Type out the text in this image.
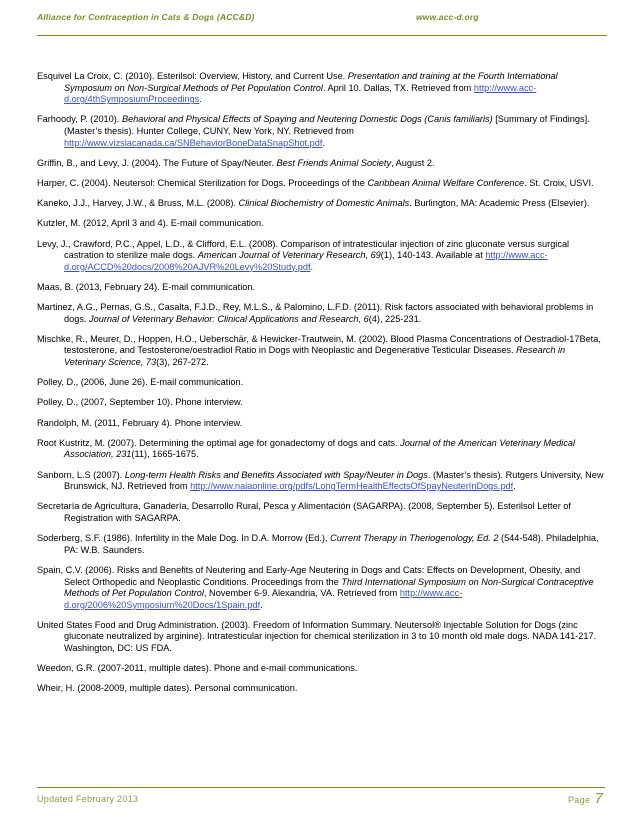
Alliance for Contraception in Cats & Dogs (ACC&D)	www.acc-d.org

Esquivel La Croix, C. (2010). Esterilsol: Overview, History, and Current Use. Presentation and training at the Fourth International Symposium on Non-Surgical Methods of Pet Population Control. April 10. Dallas, TX. Retrieved from http://www.acc-d.org/4thSymposiumProceedings.

Farhoody, P. (2010). Behavioral and Physical Effects of Spaying and Neutering Domestic Dogs (Canis familiaris) [Summary of Findings]. (Master’s thesis). Hunter College, CUNY, New York, NY. Retrieved from http://www.vizslacanada.ca/SNBehaviorBoneDataSnapShot.pdf.

Griffin, B., and Levy, J. (2004). The Future of Spay/Neuter. Best Friends Animal Society, August 2.

Harper, C. (2004). Neutersol: Chemical Sterilization for Dogs. Proceedings of the Caribbean Animal Welfare Conference. St. Croix, USVI.

Kaneko, J.J., Harvey, J.W., & Bruss, M.L. (2008). Clinical Biochemistry of Domestic Animals. Burlington, MA: Academic Press (Elsevier).

Kutzler, M. (2012, April 3 and 4). E-mail communication.

Levy, J., Crawford, P.C., Appel, L.D., & Clifford, E.L. (2008). Comparison of intratesticular injection of zinc gluconate versus surgical castration to sterilize male dogs. American Journal of Veterinary Research, 69(1), 140-143. Available at http://www.acc-d.org/ACCD%20docs/2008%20AJVR%20Levy%20Study.pdf.

Maas, B. (2013, February 24). E-mail communication.

Martinez, A.G., Pernas, G.S., Casalta, F.J.D., Rey, M.L.S., & Palomino, L.F.D. (2011). Risk factors associated with behavioral problems in dogs. Journal of Veterinary Behavior: Clinical Applications and Research, 6(4), 225-231.

Mischke, R., Meurer, D., Hoppen, H.O., Ueberschär, & Hewicker-Trautwein, M. (2002). Blood Plasma Concentrations of Oestradiol-17Beta, testosterone, and Testosterone/oestradiol Ratio in Dogs with Neoplastic and Degenerative Testicular Diseases. Research in Veterinary Science, 73(3), 267-272.

Polley, D., (2006, June 26). E-mail communication.

Polley, D., (2007, September 10). Phone interview.

Randolph, M. (2011, February 4). Phone interview.

Root Kustritz, M. (2007). Determining the optimal age for gonadectomy of dogs and cats. Journal of the American Veterinary Medical Association, 231(11), 1665-1675.

Sanborn, L.S (2007). Long-term Health Risks and Benefits Associated with Spay/Neuter in Dogs. (Master’s thesis). Rutgers University, New Brunswick, NJ. Retrieved from http://www.naiaonline.org/pdfs/LongTermHealthEffectsOfSpayNeuterInDogs.pdf.

Secretaría de Agricultura, Ganadería, Desarrollo Rural, Pesca y Alimentación (SAGARPA). (2008, September 5). Esterilsol Letter of Registration with SAGARPA.

Soderberg, S.F. (1986). Infertility in the Male Dog. In D.A. Morrow (Ed.), Current Therapy in Theriogenology, Ed. 2 (544-548). Philadelphia, PA: W.B. Saunders.

Spain, C.V. (2006). Risks and Benefits of Neutering and Early-Age Neutering in Dogs and Cats: Effects on Development, Obesity, and Select Orthopedic and Neoplastic Conditions. Proceedings from the Third International Symposium on Non-Surgical Contraceptive Methods of Pet Population Control, November 6-9. Alexandria, VA. Retrieved from http://www.acc-d.org/2006%20Symposium%20Docs/1Spain.pdf.

United States Food and Drug Administration. (2003). Freedom of Information Summary. Neutersol® Injectable Solution for Dogs (zinc gluconate neutralized by arginine). Intratesticular injection for chemical sterilization in 3 to 10 month old male dogs. NADA 141-217. Washington, DC: US FDA.

Weedon, G.R. (2007-2011, multiple dates). Phone and e-mail communications.

Wheir, H. (2008-2009, multiple dates). Personal communication.

Updated February 2013	Page 7
